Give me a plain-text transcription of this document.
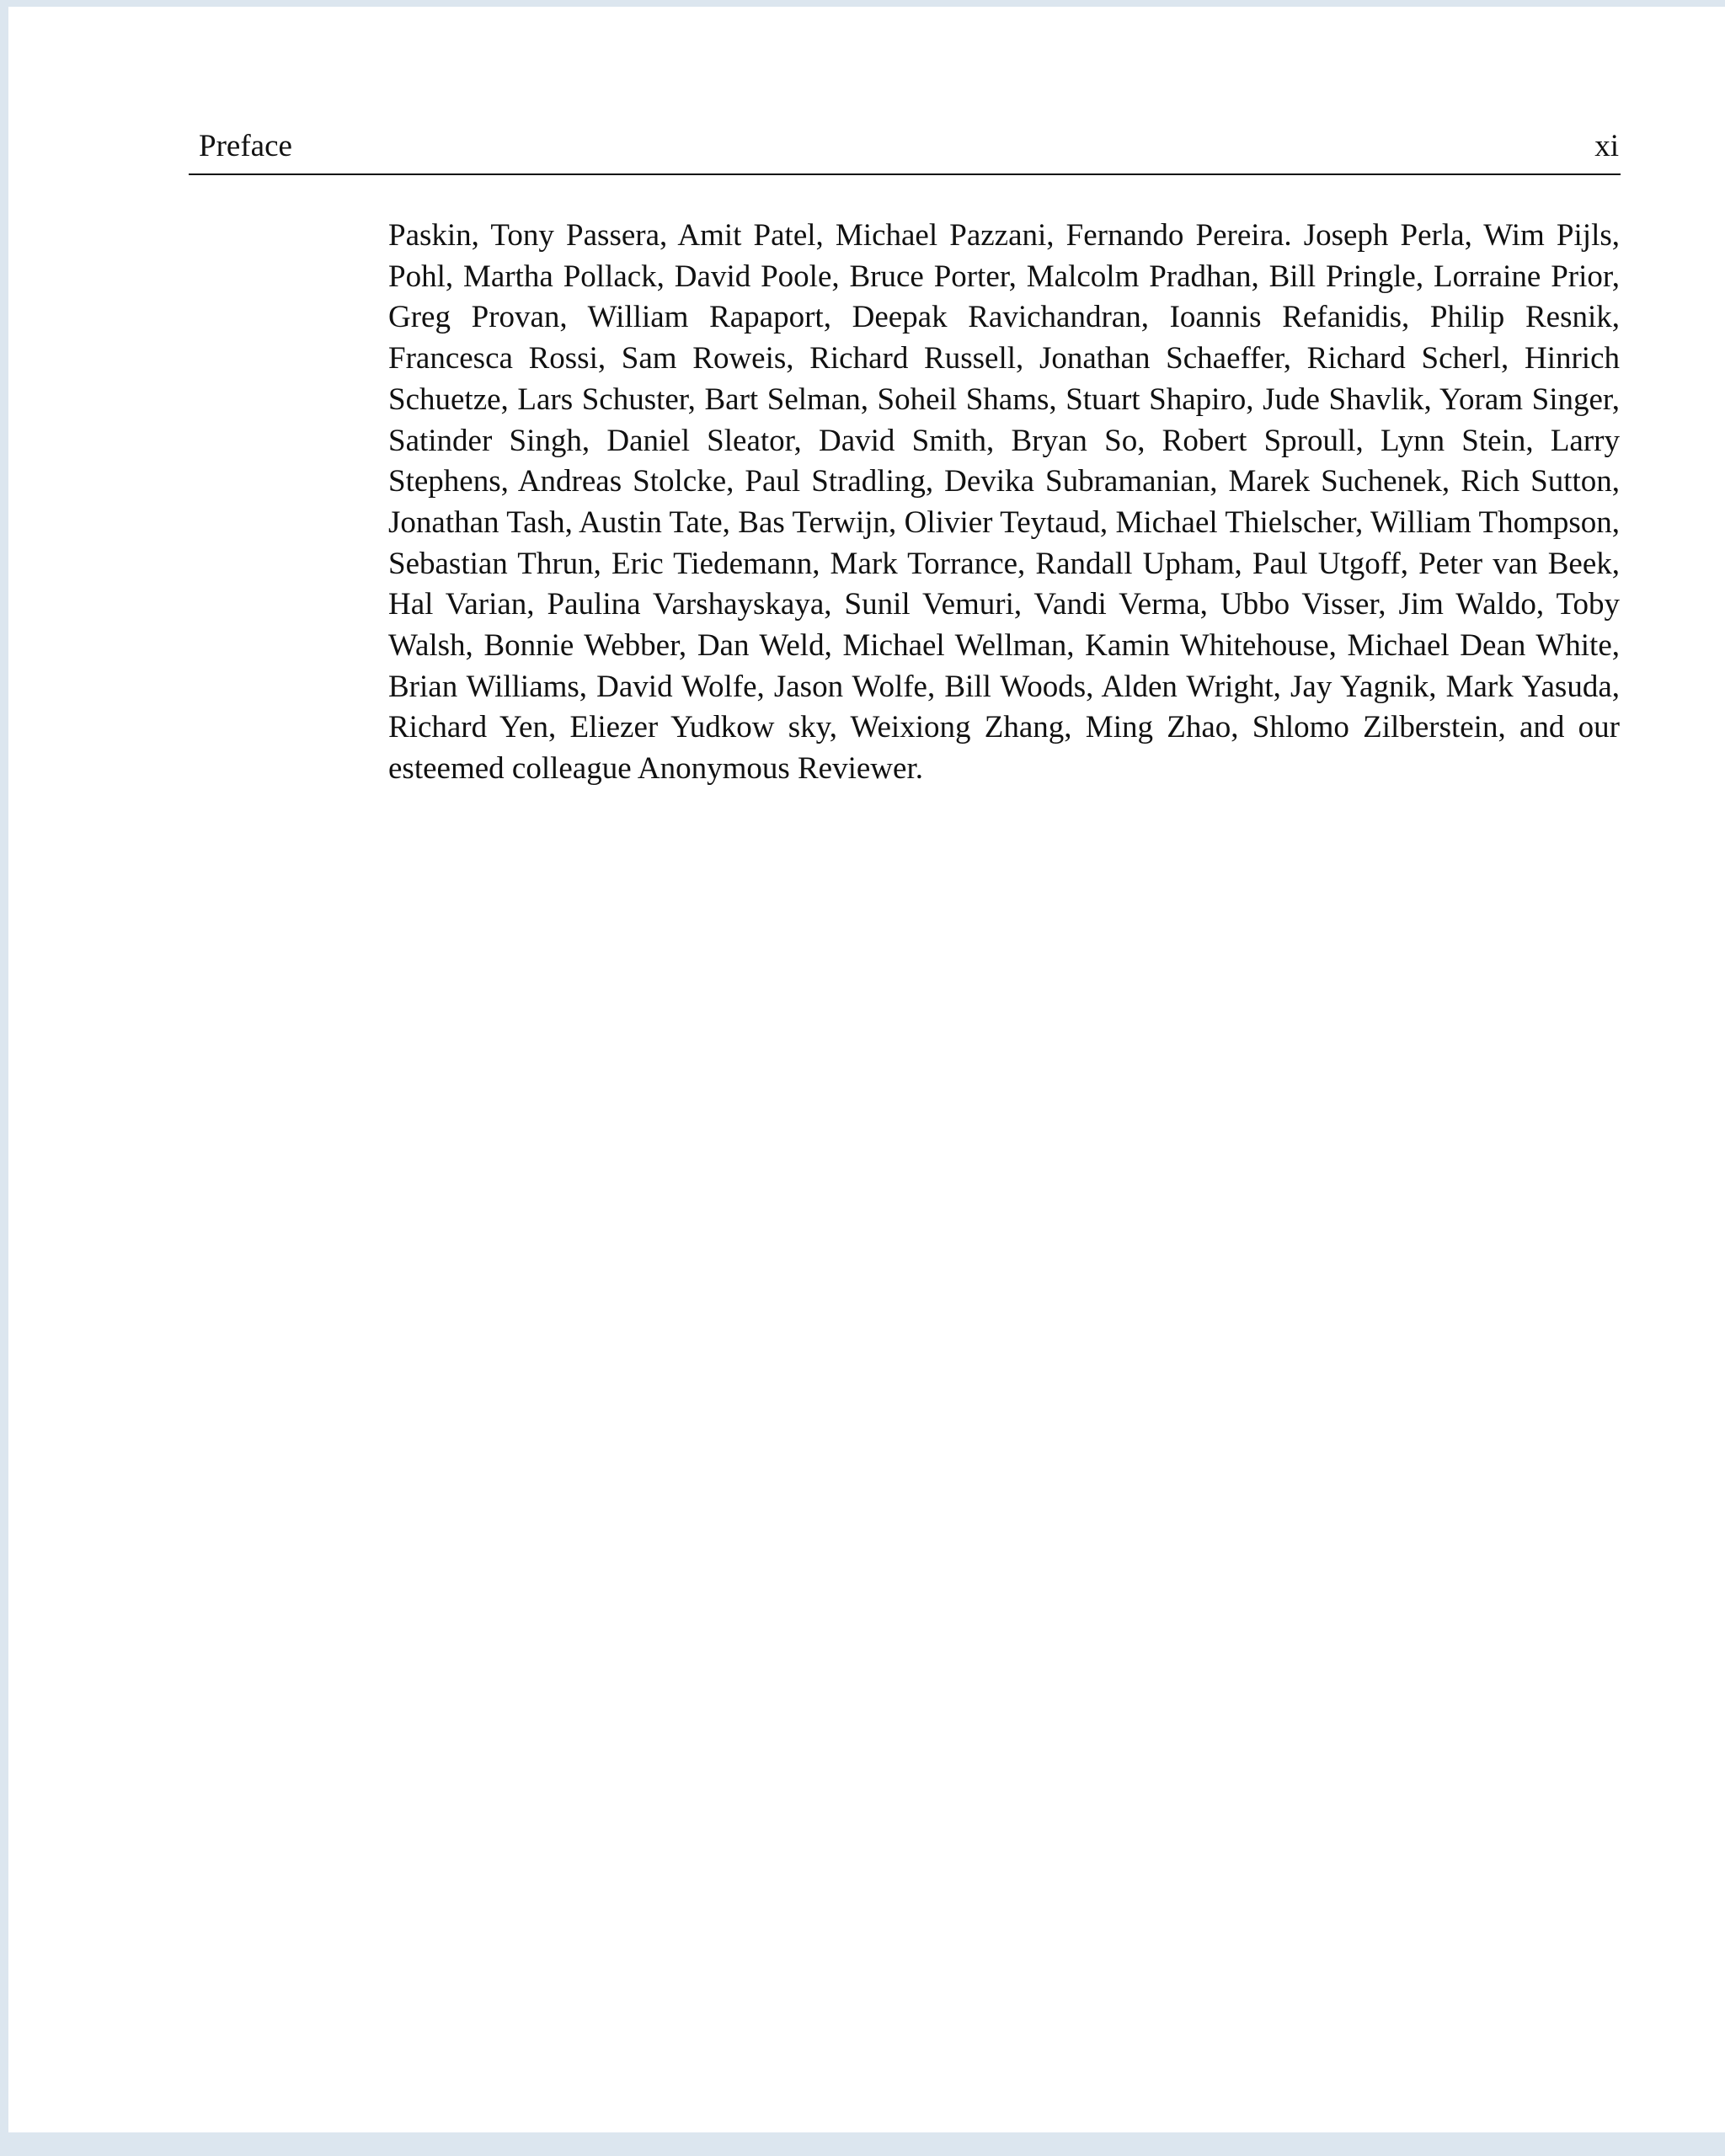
Preface	xi

Paskin, Tony Passera, Amit Patel, Michael Pazzani, Fernando Pereira. Joseph Perla, Wim Pijls, Pohl, Martha Pollack, David Poole, Bruce Porter, Malcolm Pradhan, Bill Pringle, Lorraine Prior, Greg Provan, William Rapaport, Deepak Ravichandran, Ioannis Refanidis, Philip Resnik, Francesca Rossi, Sam Roweis, Richard Russell, Jonathan Schaeffer, Richard Scherl, Hinrich Schuetze, Lars Schuster, Bart Selman, Soheil Shams, Stuart Shapiro, Jude Shavlik, Yoram Singer, Satinder Singh, Daniel Sleator, David Smith, Bryan So, Robert Sproull, Lynn Stein, Larry Stephens, Andreas Stolcke, Paul Stradling, Devika Subramanian, Marek Suchenek, Rich Sutton, Jonathan Tash, Austin Tate, Bas Terwijn, Olivier Teytaud, Michael Thielscher, William Thompson, Sebastian Thrun, Eric Tiedemann, Mark Torrance, Randall Upham, Paul Utgoff, Peter van Beek, Hal Varian, Paulina Varshayskaya, Sunil Vemuri, Vandi Verma, Ubbo Visser, Jim Waldo, Toby Walsh, Bonnie Webber, Dan Weld, Michael Wellman, Kamin Whitehouse, Michael Dean White, Brian Williams, David Wolfe, Jason Wolfe, Bill Woods, Alden Wright, Jay Yagnik, Mark Yasuda, Richard Yen, Eliezer Yudkow sky, Weixiong Zhang, Ming Zhao, Shlomo Zilberstein, and our esteemed colleague Anonymous Reviewer.
